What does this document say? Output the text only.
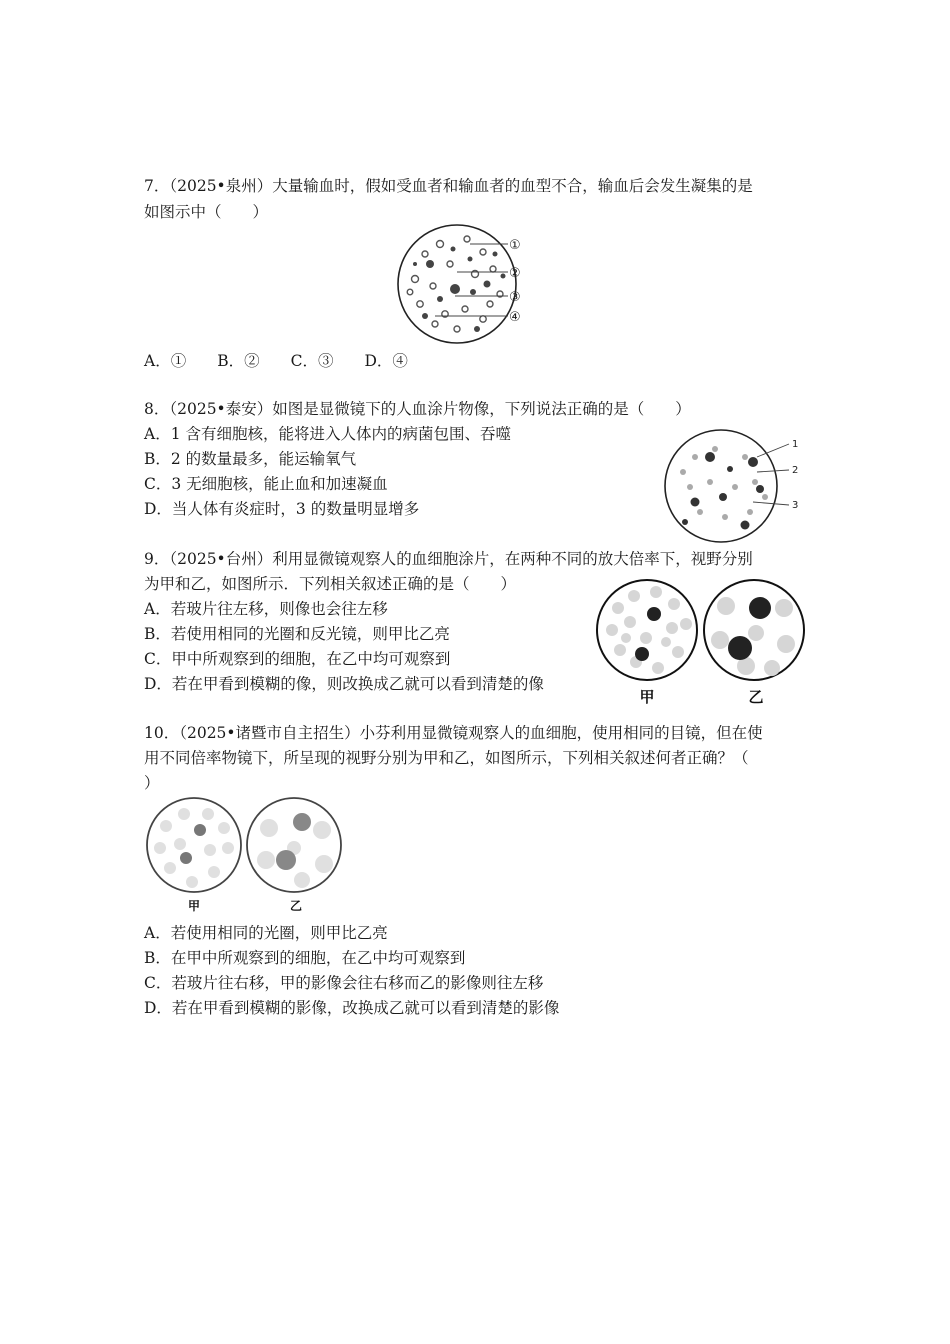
7．（2025•泉州）大量输血时，假如受血者和输血者的血型不合，输血后会发生凝集的是
如图示中（　　）
①
②
③
④
A．①　　B．②　　C．③　　D．④
8．（2025•泰安）如图是显微镜下的人血涂片物像，下列说法正确的是（　　）
A．1 含有细胞核，能将进入人体内的病菌包围、吞噬
B．2 的数量最多，能运输氧气
C．3 无细胞核，能止血和加速凝血
D．当人体有炎症时，3 的数量明显增多
1
2
3
9．（2025•台州）利用显微镜观察人的血细胞涂片，在两种不同的放大倍率下，视野分别
为甲和乙，如图所示．下列相关叙述正确的是（　　）
A．若玻片往左移，则像也会往左移
B．若使用相同的光圈和反光镜，则甲比乙亮
C．甲中所观察到的细胞，在乙中均可观察到
D．若在甲看到模糊的像，则改换成乙就可以看到清楚的像
甲	乙
10．（2025•诸暨市自主招生）小芬利用显微镜观察人的血细胞，使用相同的目镜，但在使
用不同倍率物镜下，所呈现的视野分别为甲和乙，如图所示，下列相关叙述何者正确？（
）
甲	乙
A．若使用相同的光圈，则甲比乙亮
B．在甲中所观察到的细胞，在乙中均可观察到
C．若玻片往右移，甲的影像会往右移而乙的影像则往左移
D．若在甲看到模糊的影像，改换成乙就可以看到清楚的影像
